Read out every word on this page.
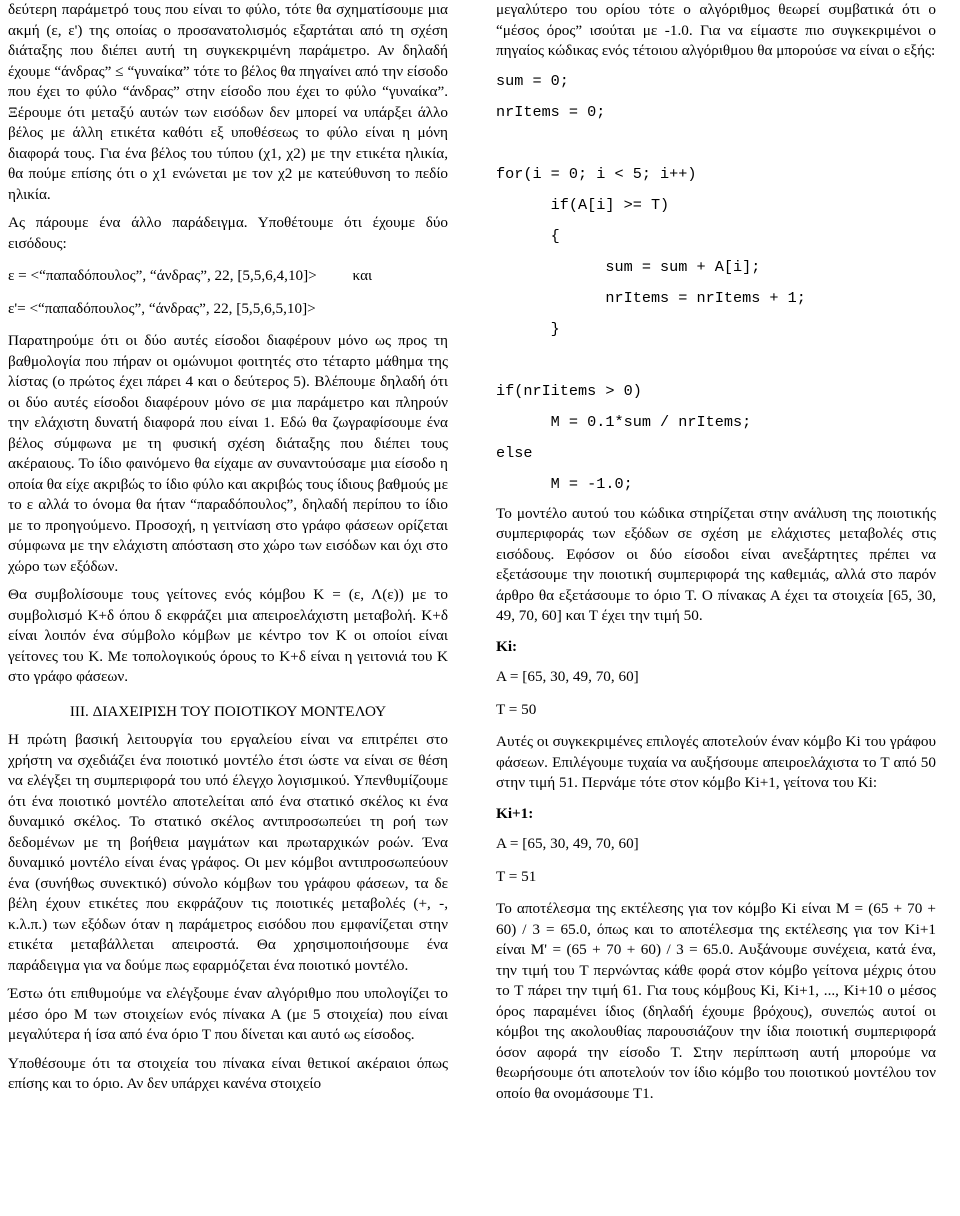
δεύτερη παράμετρό τους που είναι το φύλο, τότε θα σχηματίσουμε μια ακμή (ε, ε') της οποίας ο προσανατολισμός εξαρτάται από τη σχέση διάταξης που διέπει αυτή τη συγκεκριμένη παράμετρο. Αν δηλαδή έχουμε “άνδρας” ≤ “γυναίκα” τότε το βέλος θα πηγαίνει από την είσοδο που έχει το φύλο “άνδρας” στην είσοδο που έχει το φύλο “γυναίκα”. Ξέρουμε ότι μεταξύ αυτών των εισόδων δεν μπορεί να υπάρξει άλλο βέλος με άλλη ετικέτα καθότι εξ υποθέσεως το φύλο είναι η μόνη διαφορά τους. Για ένα βέλος του τύπου (χ1, χ2) με την ετικέτα ηλικία, θα πούμε επίσης ότι ο χ1 ενώνεται με τον χ2 με κατεύθυνση το πεδίο ηλικία.

Ας πάρουμε ένα άλλο παράδειγμα. Υποθέτουμε ότι έχουμε δύο εισόδους:

ε = <“παπαδόπουλος”, “άνδρας”, 22, [5,5,6,4,10]> και
ε'= <“παπαδόπουλος”, “άνδρας”, 22, [5,5,6,5,10]>

Παρατηρούμε ότι οι δύο αυτές είσοδοι διαφέρουν μόνο ως προς τη βαθμολογία που πήραν οι ομώνυμοι φοιτητές στο τέταρτο μάθημα της λίστας (ο πρώτος έχει πάρει 4 και ο δεύτερος 5). Βλέπουμε δηλαδή ότι οι δύο αυτές είσοδοι διαφέρουν μόνο σε μια παράμετρο και πληρούν την ελάχιστη δυνατή διαφορά που είναι 1. Εδώ θα ζωγραφίσουμε ένα βέλος σύμφωνα με τη φυσική σχέση διάταξης που διέπει τους ακέραιους. Το ίδιο φαινόμενο θα είχαμε αν συναντούσαμε μια είσοδο η οποία θα είχε ακριβώς το ίδιο φύλο και ακριβώς τους ίδιους βαθμούς με το ε αλλά το όνομα θα ήταν “παραδόπουλος”, δηλαδή περίπου το ίδιο με το προηγούμενο. Προσοχή, η γειτνίαση στο γράφο φάσεων ορίζεται σύμφωνα με την ελάχιστη απόσταση στο χώρο των εισόδων και όχι στο χώρο των εξόδων.

Θα συμβολίσουμε τους γείτονες ενός κόμβου Κ = (ε, Λ(ε)) με το συμβολισμό Κ+δ όπου δ εκφράζει μια απειροελάχιστη μεταβολή. Κ+δ είναι λοιπόν ένα σύμβολο κόμβων με κέντρο τον Κ οι οποίοι είναι γείτονες του Κ. Με τοπολογικούς όρους το Κ+δ είναι η γειτονιά του Κ στο γράφο φάσεων.

III. ΔΙΑΧΕΙΡΙΣΗ ΤΟΥ ΠΟΙΟΤΙΚΟΥ ΜΟΝΤΕΛΟΥ

Η πρώτη βασική λειτουργία του εργαλείου είναι να επιτρέπει στο χρήστη να σχεδιάζει ένα ποιοτικό μοντέλο έτσι ώστε να είναι σε θέση να ελέγξει τη συμπεριφορά του υπό έλεγχο λογισμικού. Υπενθυμίζουμε ότι ένα ποιοτικό μοντέλο αποτελείται από ένα στατικό σκέλος κι ένα δυναμικό σκέλος. Το στατικό σκέλος αντιπροσωπεύει τη ροή των δεδομένων με τη βοήθεια μαγμάτων και πρωταρχικών ροών. Ένα δυναμικό μοντέλο είναι ένας γράφος. Οι μεν κόμβοι αντιπροσωπεύουν ένα (συνήθως συνεκτικό) σύνολο κόμβων του γράφου φάσεων, τα δε βέλη έχουν ετικέτες που εκφράζουν τις ποιοτικές μεταβολές (+, -, κ.λ.π.) των εξόδων όταν η παράμετρος εισόδου που εμφανίζεται στην ετικέτα μεταβάλλεται απειροστά. Θα χρησιμοποιήσουμε ένα παράδειγμα για να δούμε πως εφαρμόζεται ένα ποιοτικό μοντέλο.

Έστω ότι επιθυμούμε να ελέγξουμε έναν αλγόριθμο που υπολογίζει το μέσο όρο Μ των στοιχείων ενός πίνακα Α (με 5 στοιχεία) που είναι μεγαλύτερα ή ίσα από ένα όριο Τ που δίνεται και αυτό ως είσοδος.

Υποθέσουμε ότι τα στοιχεία του πίνακα είναι θετικοί ακέραιοι όπως επίσης και το όριο. Αν δεν υπάρχει κανένα στοιχείο

μεγαλύτερο του ορίου τότε ο αλγόριθμος θεωρεί συμβατικά ότι ο “μέσος όρος” ισούται με -1.0. Για να είμαστε πιο συγκεκριμένοι ο πηγαίος κώδικας ενός τέτοιου αλγόριθμου θα μπορούσε να είναι ο εξής:

sum = 0;
nrItems = 0;

for(i = 0; i < 5; i++)
if(A[i] >= T)
{
sum = sum + A[i];
nrItems = nrItems + 1;
}

if(nrIitems > 0)
M = 0.1*sum / nrItems;
else
M = -1.0;

Το μοντέλο αυτού του κώδικα στηρίζεται στην ανάλυση της ποιοτικής συμπεριφοράς των εξόδων σε σχέση με ελάχιστες μεταβολές στις εισόδους. Εφόσον οι δύο είσοδοι είναι ανεξάρτητες πρέπει να εξετάσουμε την ποιοτική συμπεριφορά της καθεμιάς, αλλά στο παρόν άρθρο θα εξετάσουμε το όριο Τ. Ο πίνακας Α έχει τα στοιχεία [65, 30, 49, 70, 60] και Τ έχει την τιμή 50.

Ki:
A = [65, 30, 49, 70, 60]
T = 50

Αυτές οι συγκεκριμένες επιλογές αποτελούν έναν κόμβο Κi του γράφου φάσεων. Επιλέγουμε τυχαία να αυξήσουμε απειροελάχιστα το Τ από 50 στην τιμή 51. Περνάμε τότε στον κόμβο Κi+1, γείτονα του Κi:

Ki+1:
A = [65, 30, 49, 70, 60]
T = 51

Το αποτέλεσμα της εκτέλεσης για τον κόμβο Κi είναι Μ = (65 + 70 + 60) / 3 = 65.0, όπως και το αποτέλεσμα της εκτέλεσης για τον Κi+1 είναι Μ' = (65 + 70 + 60) / 3 = 65.0. Αυξάνουμε συνέχεια, κατά ένα, την τιμή του Τ περνώντας κάθε φορά στον κόμβο γείτονα μέχρις ότου το Τ πάρει την τιμή 61. Για τους κόμβους Κi, Κi+1, ..., Κi+10 ο μέσος όρος παραμένει ίδιος (δηλαδή έχουμε βρόχους), συνεπώς αυτοί οι κόμβοι της ακολουθίας παρουσιάζουν την ίδια ποιοτική συμπεριφορά όσον αφορά την είσοδο Τ. Στην περίπτωση αυτή μπορούμε να θεωρήσουμε ότι αποτελούν τον ίδιο κόμβο του ποιοτικού μοντέλου τον οποίο θα ονομάσουμε Τ1.
